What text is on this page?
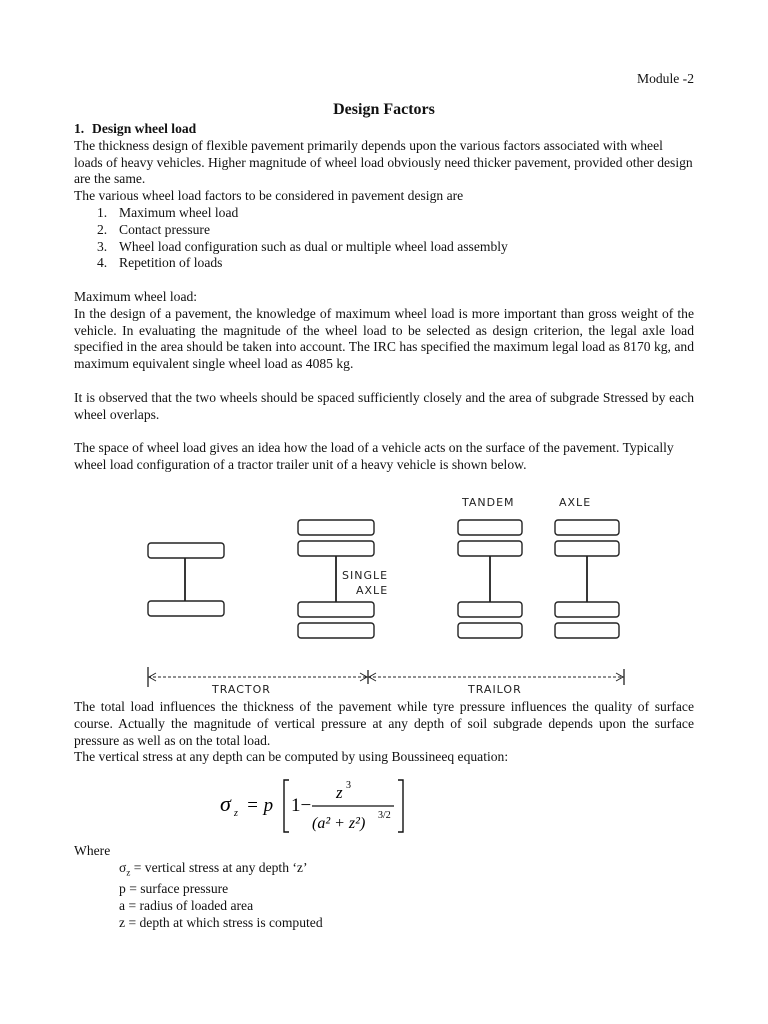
Module -2
Design Factors

1. Design wheel load

The thickness design of flexible pavement primarily depends upon the various factors associated with wheel loads of heavy vehicles. Higher magnitude of wheel load obviously need thicker pavement, provided other design are the same.

The various wheel load factors to be considered in pavement design are

1. Maximum wheel load
2. Contact pressure
3. Wheel load configuration such as dual or multiple wheel load assembly
4. Repetition of loads

Maximum wheel load:

In the design of a pavement, the knowledge of maximum wheel load is more important than gross weight of the vehicle. In evaluating the magnitude of the wheel load to be selected as design criterion, the legal axle load specified in the area should be taken into account. The IRC has specified the maximum legal load as 8170 kg, and maximum equivalent single wheel load as 4085 kg.

It is observed that the two wheels should be spaced sufficiently closely and the area of subgrade Stressed by each wheel overlaps.

The space of wheel load gives an idea how the load of a vehicle acts on the surface of the pavement. Typically wheel load configuration of a tractor trailer unit of a heavy vehicle is shown below.

TANDEM	AXLE
SINGLE
AXLE
TRACTOR	TRAILOR

The total load influences the thickness of the pavement while tyre pressure influences the quality of surface course. Actually the magnitude of vertical pressure at any depth of soil subgrade depends upon the surface pressure as well as on the total load.

The vertical stress at any depth can be computed by using Boussineeq equation:

σ z = p 1−
z 3
(a² + z²) 3/2

Where

$\sigma_z$ = vertical stress at any depth ‘z’
p = surface pressure
a = radius of loaded area
z = depth at which stress is computed
